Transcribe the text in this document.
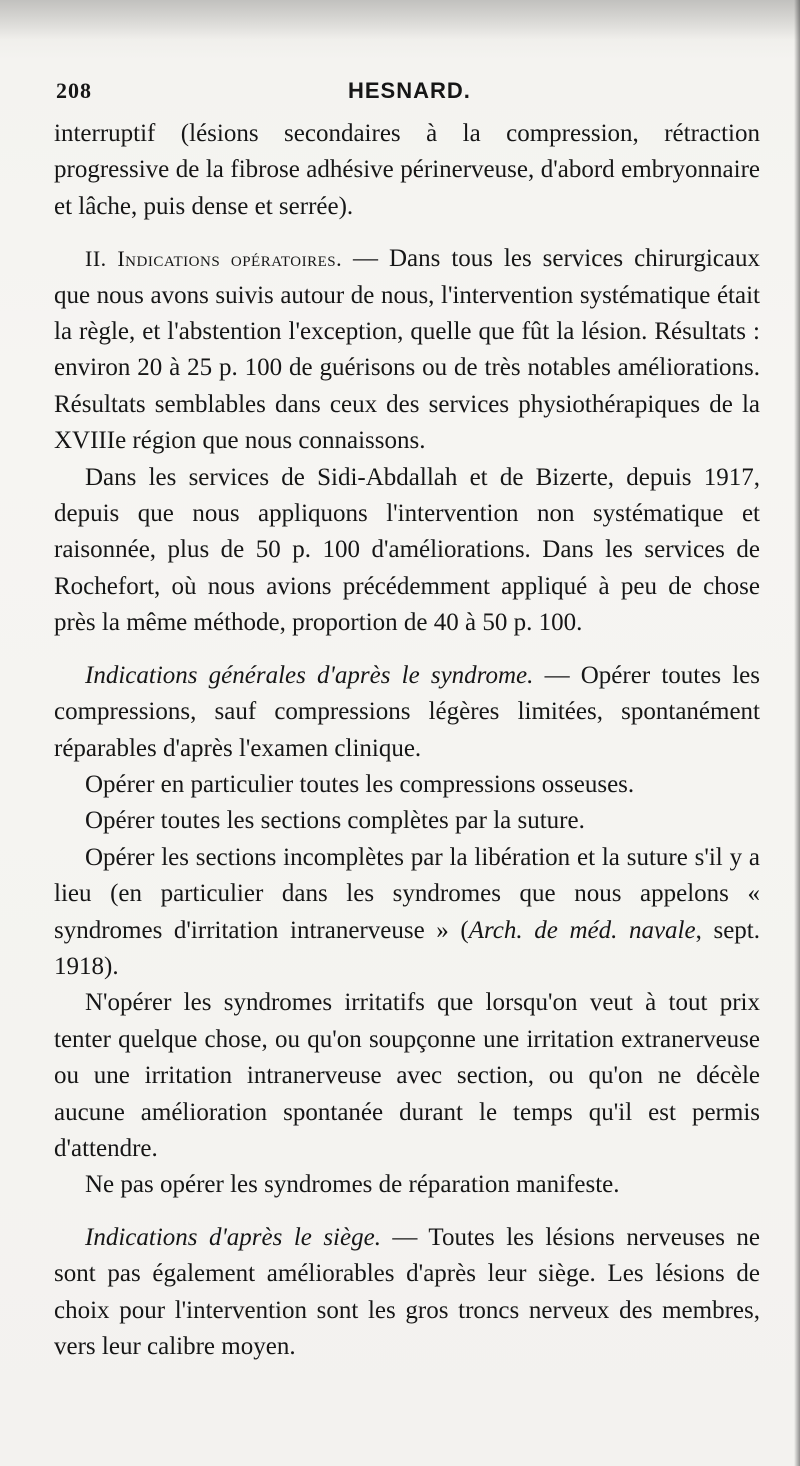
208	HESNARD.

interruptif (lésions secondaires à la compression, rétraction progressive de la fibrose adhésive périnerveuse, d'abord embryonnaire et lâche, puis dense et serrée).

II. Indications opératoires. — Dans tous les services chirurgicaux que nous avons suivis autour de nous, l'intervention systématique était la règle, et l'abstention l'exception, quelle que fût la lésion. Résultats : environ 20 à 25 p. 100 de guérisons ou de très notables améliorations. Résultats semblables dans ceux des services physiothérapiques de la XVIIIe région que nous connaissons.

Dans les services de Sidi-Abdallah et de Bizerte, depuis 1917, depuis que nous appliquons l'intervention non systématique et raisonnée, plus de 50 p. 100 d'améliorations. Dans les services de Rochefort, où nous avions précédemment appliqué à peu de chose près la même méthode, proportion de 40 à 50 p. 100.

Indications générales d'après le syndrome. — Opérer toutes les compressions, sauf compressions légères limitées, spontanément réparables d'après l'examen clinique.

Opérer en particulier toutes les compressions osseuses.

Opérer toutes les sections complètes par la suture.

Opérer les sections incomplètes par la libération et la suture s'il y a lieu (en particulier dans les syndromes que nous appelons « syndromes d'irritation intranerveuse » (Arch. de méd. navale, sept. 1918).

N'opérer les syndromes irritatifs que lorsqu'on veut à tout prix tenter quelque chose, ou qu'on soupçonne une irritation extranerveuse ou une irritation intranerveuse avec section, ou qu'on ne décèle aucune amélioration spontanée durant le temps qu'il est permis d'attendre.

Ne pas opérer les syndromes de réparation manifeste.

Indications d'après le siège. — Toutes les lésions nerveuses ne sont pas également améliorables d'après leur siège. Les lésions de choix pour l'intervention sont les gros troncs nerveux des membres, vers leur calibre moyen.
